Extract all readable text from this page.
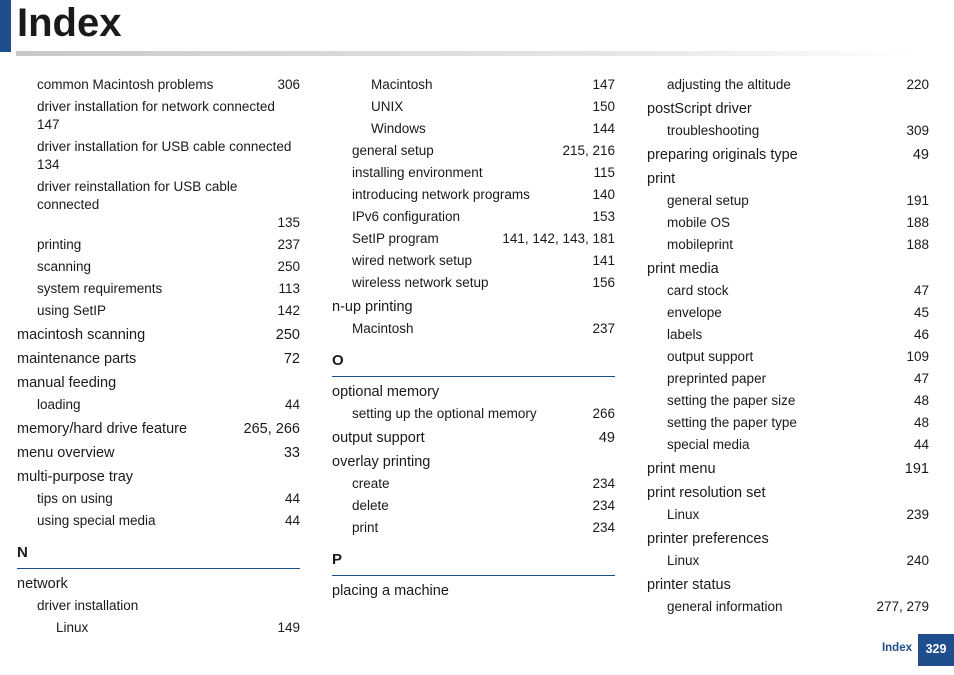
Index
common Macintosh problems	306
driver installation for network connected 147
driver installation for USB cable connected 134
driver reinstallation for USB cable connected
135
printing	237
scanning	250
system requirements	113
using SetIP	142
macintosh scanning	250
maintenance parts	72
manual feeding
loading	44
memory/hard drive feature	265, 266
menu overview	33
multi-purpose tray
tips on using	44
using special media	44
N
network
driver installation
Linux	149
Macintosh	147
UNIX	150
Windows	144
general setup	215, 216
installing environment	115
introducing network programs	140
IPv6 configuration	153
SetIP program	141, 142, 143, 181
wired network setup	141
wireless network setup	156
n-up printing
Macintosh	237
O
optional memory
setting up the optional memory	266
output support	49
overlay printing
create	234
delete	234
print	234
P
placing a machine
adjusting the altitude	220
postScript driver
troubleshooting	309
preparing originals type	49
print
general setup	191
mobile OS	188
mobileprint	188
print media
card stock	47
envelope	45
labels	46
output support	109
preprinted paper	47
setting the paper size	48
setting the paper type	48
special media	44
print menu	191
print resolution set
Linux	239
printer preferences
Linux	240
printer status
general information	277, 279
Index	329
